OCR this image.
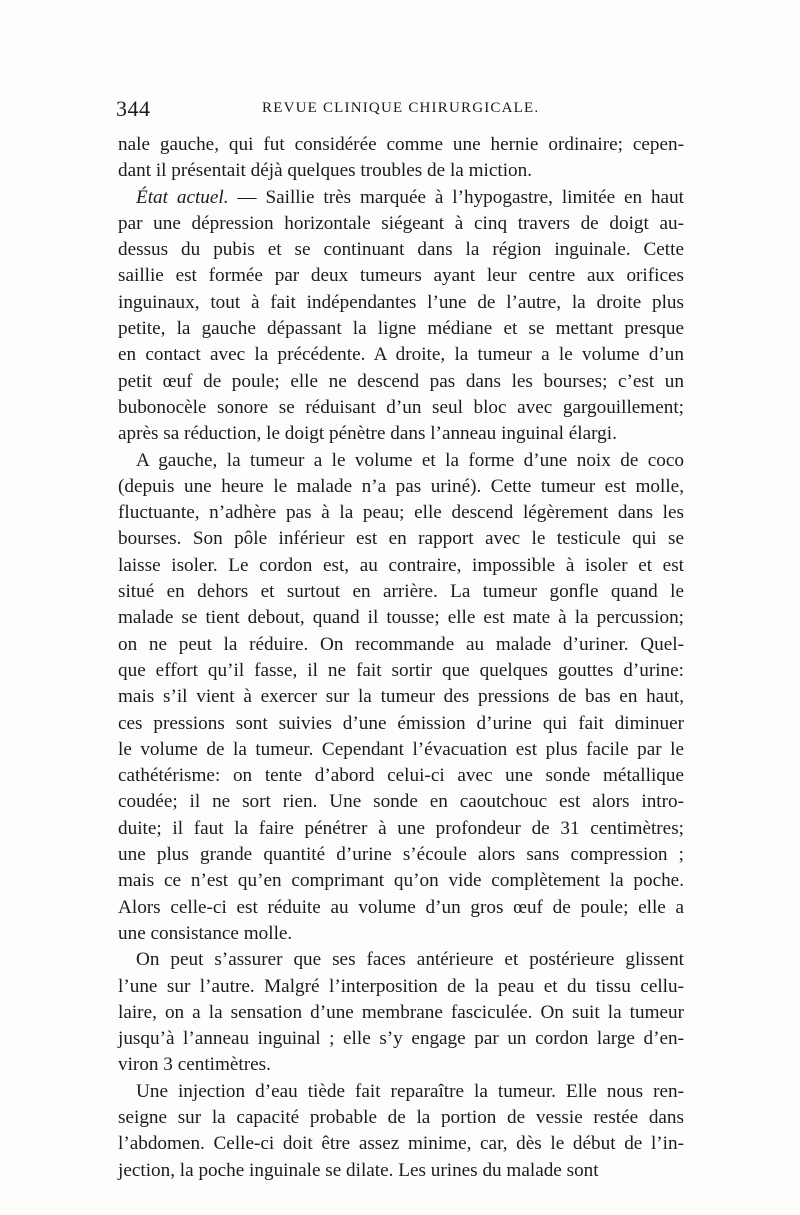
344	REVUE CLINIQUE CHIRURGICALE.
nale gauche, qui fut considérée comme une hernie ordinaire; cepen-
dant il présentait déjà quelques troubles de la miction.
État actuel. — Saillie très marquée à l’hypogastre, limitée en haut
par une dépression horizontale siégeant à cinq travers de doigt au-
dessus du pubis et se continuant dans la région inguinale. Cette
saillie est formée par deux tumeurs ayant leur centre aux orifices
inguinaux, tout à fait indépendantes l’une de l’autre, la droite plus
petite, la gauche dépassant la ligne médiane et se mettant presque
en contact avec la précédente. A droite, la tumeur a le volume d’un
petit œuf de poule; elle ne descend pas dans les bourses; c’est un
bubonocèle sonore se réduisant d’un seul bloc avec gargouillement;
après sa réduction, le doigt pénètre dans l’anneau inguinal élargi.
A gauche, la tumeur a le volume et la forme d’une noix de coco
(depuis une heure le malade n’a pas uriné). Cette tumeur est molle,
fluctuante, n’adhère pas à la peau; elle descend légèrement dans les
bourses. Son pôle inférieur est en rapport avec le testicule qui se
laisse isoler. Le cordon est, au contraire, impossible à isoler et est
situé en dehors et surtout en arrière. La tumeur gonfle quand le
malade se tient debout, quand il tousse; elle est mate à la percussion;
on ne peut la réduire. On recommande au malade d’uriner. Quel-
que effort qu’il fasse, il ne fait sortir que quelques gouttes d’urine:
mais s’il vient à exercer sur la tumeur des pressions de bas en haut,
ces pressions sont suivies d’une émission d’urine qui fait diminuer
le volume de la tumeur. Cependant l’évacuation est plus facile par le
cathétérisme: on tente d’abord celui-ci avec une sonde métallique
coudée; il ne sort rien. Une sonde en caoutchouc est alors intro-
duite; il faut la faire pénétrer à une profondeur de 31 centimètres;
une plus grande quantité d’urine s’écoule alors sans compression ;
mais ce n’est qu’en comprimant qu’on vide complètement la poche.
Alors celle-ci est réduite au volume d’un gros œuf de poule; elle a
une consistance molle.
On peut s’assurer que ses faces antérieure et postérieure glissent
l’une sur l’autre. Malgré l’interposition de la peau et du tissu cellu-
laire, on a la sensation d’une membrane fasciculée. On suit la tumeur
jusqu’à l’anneau inguinal ; elle s’y engage par un cordon large d’en-
viron 3 centimètres.
Une injection d’eau tiède fait reparaître la tumeur. Elle nous ren-
seigne sur la capacité probable de la portion de vessie restée dans
l’abdomen. Celle-ci doit être assez minime, car, dès le début de l’in-
jection, la poche inguinale se dilate. Les urines du malade sont
